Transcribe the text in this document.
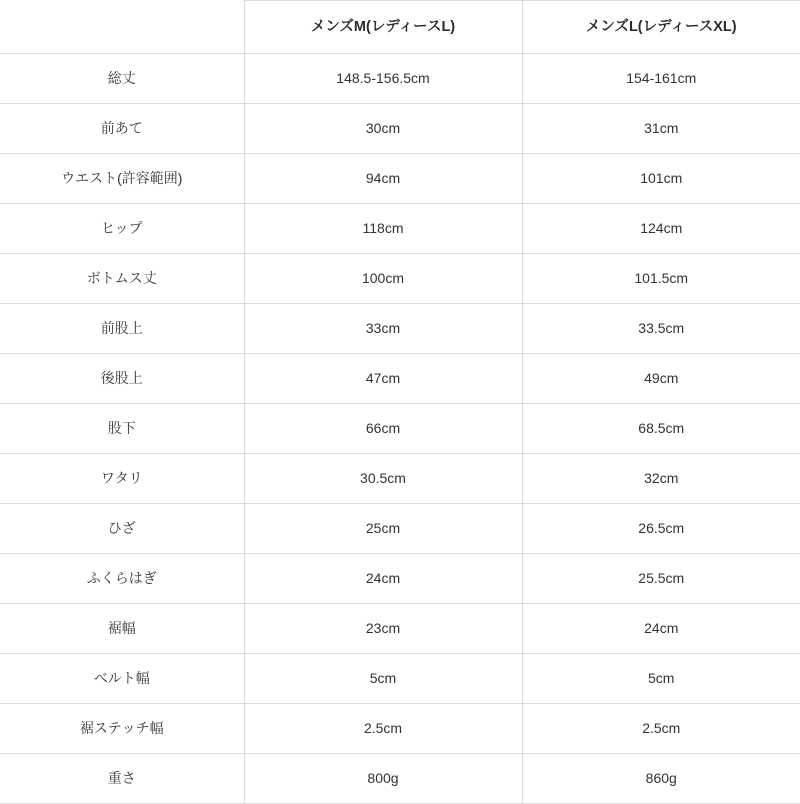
	メンズM(レディースL)	メンズL(レディースXL)
総丈	148.5-156.5cm	154-161cm
前あて	30cm	31cm
ウエスト(許容範囲)	94cm	101cm
ヒップ	118cm	124cm
ボトムス丈	100cm	101.5cm
前股上	33cm	33.5cm
後股上	47cm	49cm
股下	66cm	68.5cm
ワタリ	30.5cm	32cm
ひざ	25cm	26.5cm
ふくらはぎ	24cm	25.5cm
裾幅	23cm	24cm
ベルト幅	5cm	5cm
裾ステッチ幅	2.5cm	2.5cm
重さ	800g	860g
